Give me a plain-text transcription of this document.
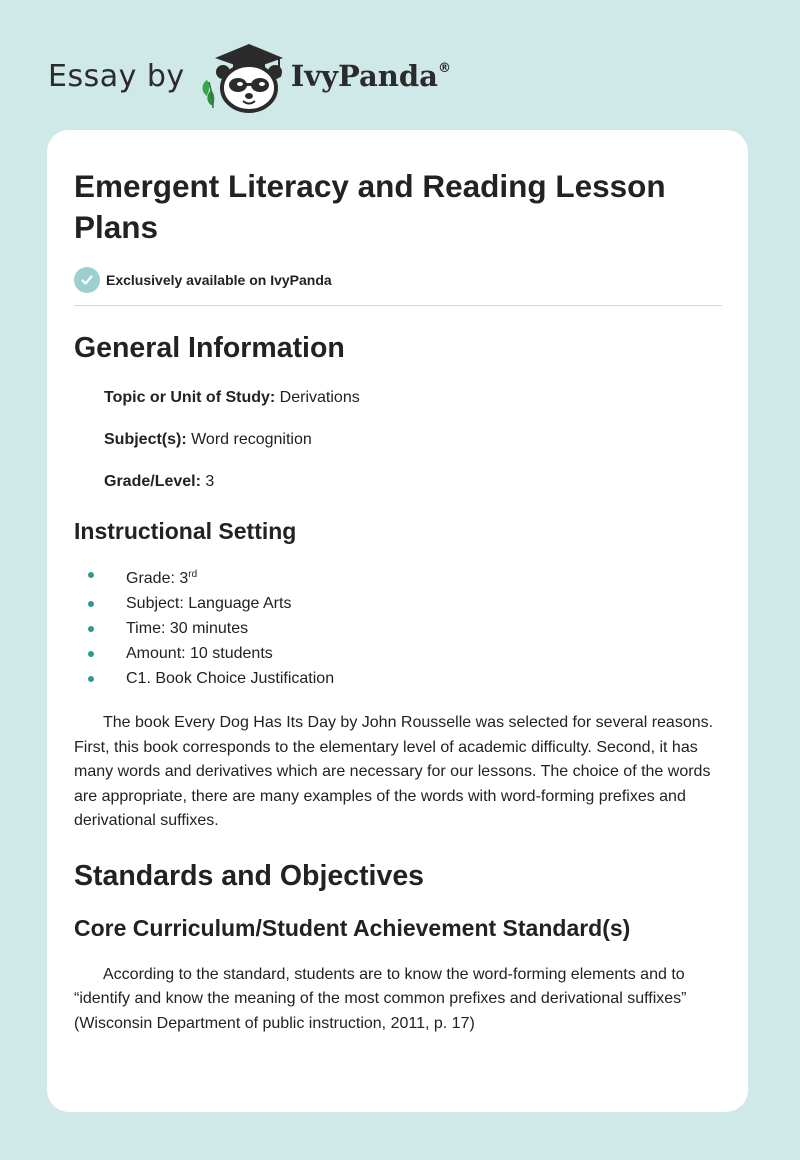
Essay by	IvyPanda®
Emergent Literacy and Reading Lesson Plans
Exclusively available on IvyPanda
General Information

Topic or Unit of Study: Derivations

Subject(s): Word recognition

Grade/Level: 3

Instructional Setting
Grade: 3rd
Subject: Language Arts
Time: 30 minutes
Amount: 10 students
C1. Book Choice Justification

The book Every Dog Has Its Day by John Rousselle was selected for several reasons. First, this book corresponds to the elementary level of academic difficulty. Second, it has many words and derivatives which are necessary for our lessons. The choice of the words are appropriate, there are many examples of the words with word-forming prefixes and derivational suffixes.

Standards and Objectives
Core Curriculum/Student Achievement Standard(s)

According to the standard, students are to know the word-forming elements and to “identify and know the meaning of the most common prefixes and derivational suffixes” (Wisconsin Department of public instruction, 2011, p. 17)
